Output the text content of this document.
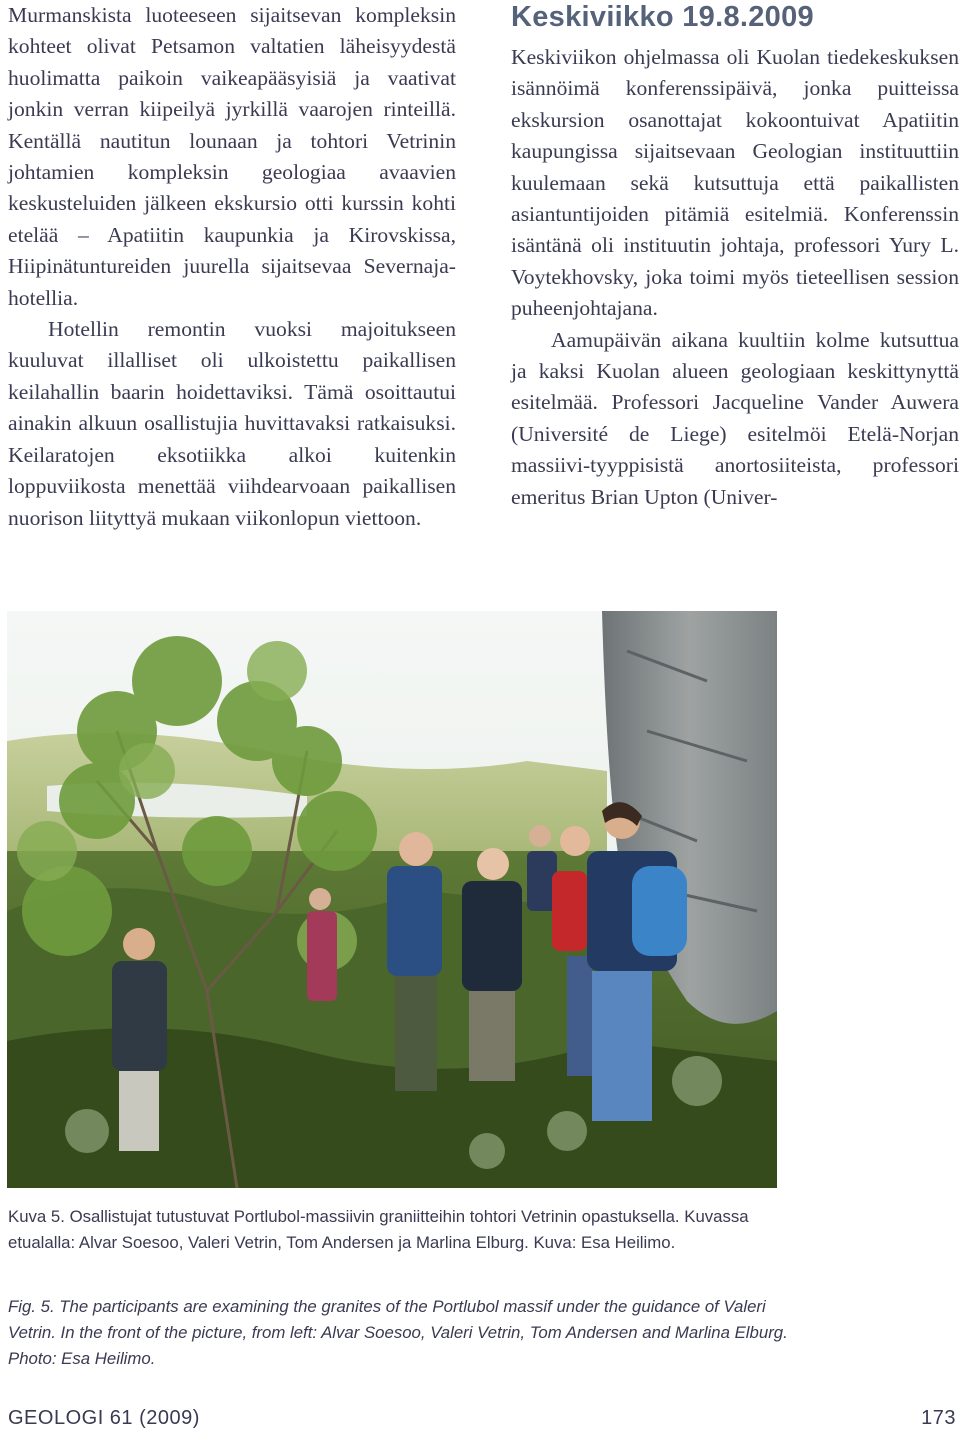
Murmanskista luoteeseen sijaitsevan kompleksin kohteet olivat Petsamon valtatien läheisyydestä huolimatta paikoin vaikeapääsyisiä ja vaativat jonkin verran kiipeilyä jyrkillä vaarojen rinteillä. Kentällä nautitun lounaan ja tohtori Vetrinin johtamien kompleksin geologiaa avaavien keskusteluiden jälkeen ekskursio otti kurssin kohti etelää – Apatiitin kaupunkia ja Kirovskissa, Hiipinätuntureiden juurella sijaitsevaa Severnaja-hotellia.

Hotellin remontin vuoksi majoitukseen kuuluvat illalliset oli ulkoistettu paikallisen keilahallin baarin hoidettaviksi. Tämä osoittautui ainakin alkuun osallistujia huvittavaksi ratkaisuksi. Keilaratojen eksotiikka alkoi kuitenkin loppuviikosta menettää viihdearvoaan paikallisen nuorison liityttyä mukaan viikonlopun viettoon.

Keskiviikko 19.8.2009

Keskiviikon ohjelmassa oli Kuolan tiedekeskuksen isännöimä konferenssipäivä, jonka puitteissa ekskursion osanottajat kokoontuivat Apatiitin kaupungissa sijaitsevaan Geologian instituuttiin kuulemaan sekä kutsuttuja että paikallisten asiantuntijoiden pitämiä esitelmiä. Konferenssin isäntänä oli instituutin johtaja, professori Yury L. Voytekhovsky, joka toimi myös tieteellisen session puheenjohtajana.

Aamupäivän aikana kuultiin kolme kutsuttua ja kaksi Kuolan alueen geologiaan keskittynyttä esitelmää. Professori Jacqueline Vander Auwera (Université de Liege) esitelmöi Etelä-Norjan massiivi-tyyppisistä anortosiiteista, professori emeritus Brian Upton (Univer-

Kuva 5. Osallistujat tutustuvat Portlubol-massiivin graniitteihin tohtori Vetrinin opastuksella. Kuvassa etualalla: Alvar Soesoo, Valeri Vetrin, Tom Andersen ja Marlina Elburg. Kuva: Esa Heilimo.
Fig. 5. The participants are examining the granites of the Portlubol massif under the guidance of Valeri Vetrin. In the front of the picture, from left: Alvar Soesoo, Valeri Vetrin, Tom Andersen and Marlina Elburg. Photo: Esa Heilimo.
GEOLOGI 61 (2009)	173
